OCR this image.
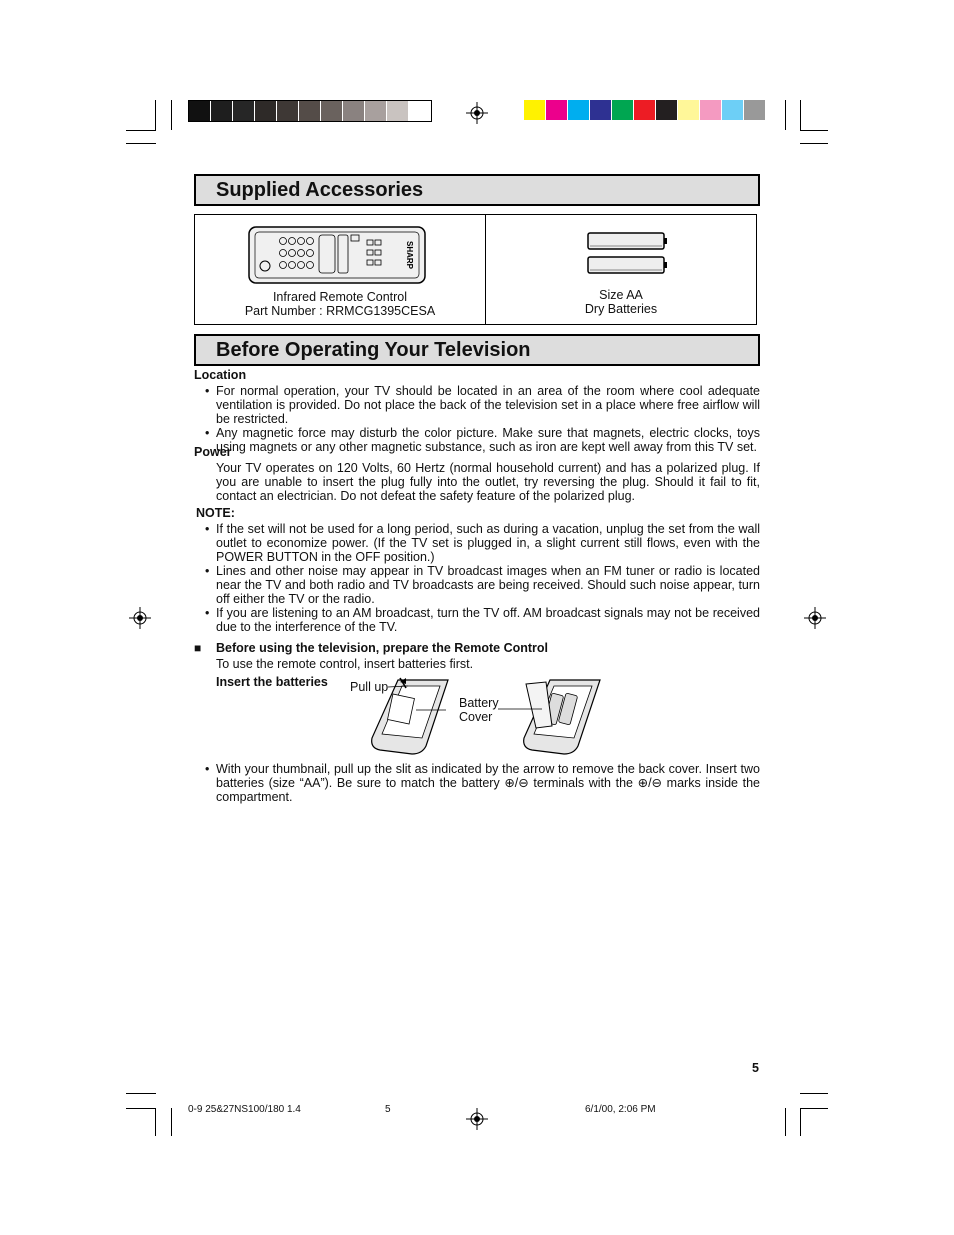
Supplied Accessories
SHARP
Infrared Remote Control
Part Number : RRMCG1395CESA
Size AA
Dry Batteries
Before Operating Your Television
Location
• For normal operation, your TV should be located in an area of the room where cool adequate ventilation is provided. Do not place the back of the television set in a place where free airflow will be restricted.
• Any magnetic force may disturb the color picture. Make sure that magnets, electric clocks, toys using magnets or any other magnetic substance, such as iron are kept well away from this TV set.
Power
Your TV operates on 120 Volts, 60 Hertz (normal household current) and has a polarized plug. If you are unable to insert the plug fully into the outlet, try reversing the plug. Should it fail to fit, contact an electrician. Do not defeat the safety feature of the polarized plug.
NOTE:
• If the set will not be used for a long period, such as during a vacation, unplug the set from the wall outlet to economize power. (If the TV set is plugged in, a slight current still flows, even with the POWER BUTTON in the OFF position.)
• Lines and other noise may appear in TV broadcast images when an FM tuner or radio is located near the TV and both radio and TV broadcasts are being received. Should such noise appear, turn off either the TV or the radio.
• If you are listening to an AM broadcast, turn the TV off. AM broadcast signals may not be received due to the interference of the TV.
■ Before using the television, prepare the Remote Control
To use the remote control, insert batteries first.
Insert the batteries Pull up
Battery
Cover
• With your thumbnail, pull up the slit as indicated by the arrow to remove the back cover. Insert two batteries (size “AA”). Be sure to match the battery ⊕/⊖ terminals with the ⊕/⊖ marks inside the compartment.
5
0-9 25&27NS100/180 1.4	5	6/1/00, 2:06 PM
